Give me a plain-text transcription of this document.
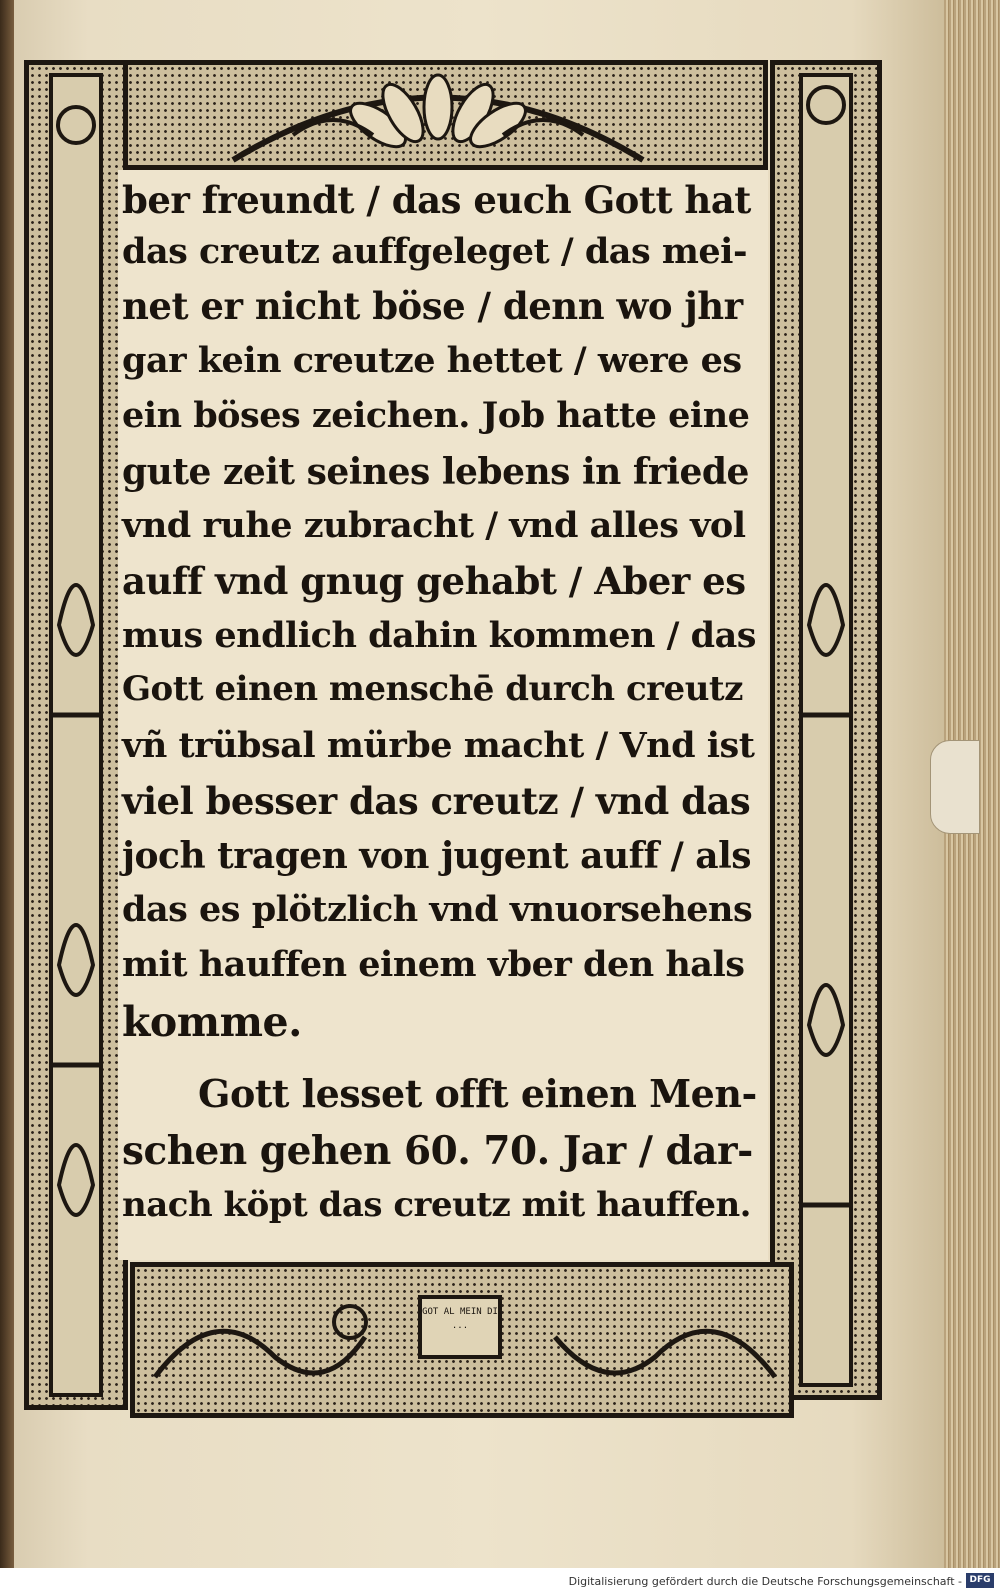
GOT AL MEIN DI ...
ber freundt / das euch Gott hat
das creutz auffgeleget / das mei-
net er nicht böse / denn wo jhr
gar kein creutze hettet / were es
ein böses zeichen. Job hatte eine
gute zeit seines lebens in friede
vnd ruhe zubracht / vnd alles vol
auff vnd gnug gehabt / Aber es
mus endlich dahin kommen / das
Gott einen menschē durch creutz
vñ trübsal mürbe macht / Vnd ist
viel besser das creutz / vnd das
joch tragen von jugent auff / als
das es plötzlich vnd vnuorsehens
mit hauffen einem vber den hals
komme.
Gott lesset offt einen Men-
schen gehen 60. 70. Jar / dar-
nach köpt das creutz mit hauffen.
Digitalisierung gefördert durch die Deutsche Forschungsgemeinschaft - DFG
